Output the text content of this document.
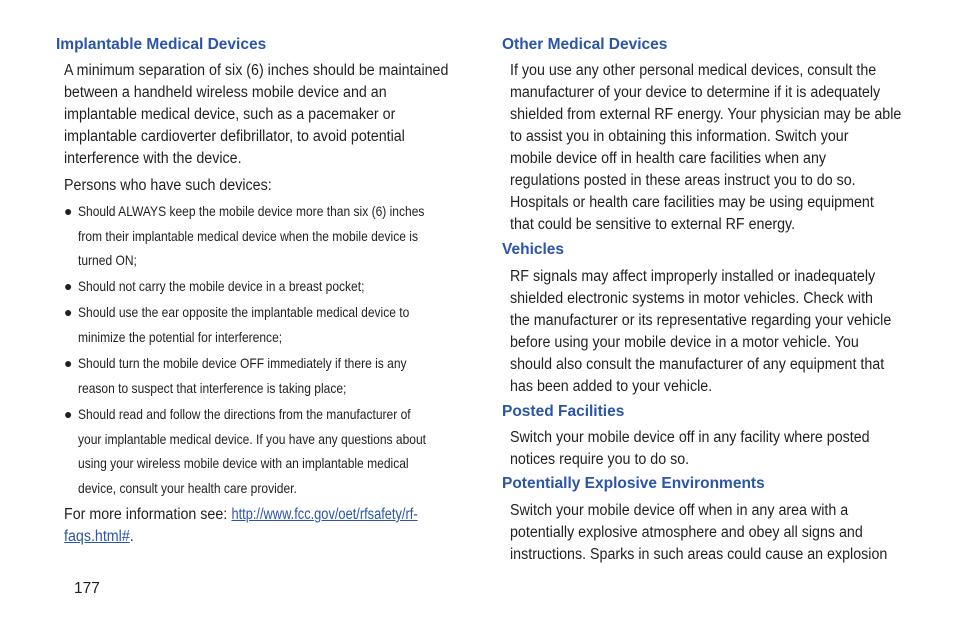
Implantable Medical Devices
A minimum separation of six (6) inches should be maintained
between a handheld wireless mobile device and an
implantable medical device, such as a pacemaker or
implantable cardioverter defibrillator, to avoid potential
interference with the device.
Persons who have such devices:
● Should ALWAYS keep the mobile device more than six (6) inches
from their implantable medical device when the mobile device is
turned ON;
● Should not carry the mobile device in a breast pocket;
● Should use the ear opposite the implantable medical device to
minimize the potential for interference;
● Should turn the mobile device OFF immediately if there is any
reason to suspect that interference is taking place;
● Should read and follow the directions from the manufacturer of
your implantable medical device. If you have any questions about
using your wireless mobile device with an implantable medical
device, consult your health care provider.
For more information see: http://www.fcc.gov/oet/rfsafety/rf-
faqs.html#.
177
Other Medical Devices
If you use any other personal medical devices, consult the
manufacturer of your device to determine if it is adequately
shielded from external RF energy. Your physician may be able
to assist you in obtaining this information. Switch your
mobile device off in health care facilities when any
regulations posted in these areas instruct you to do so.
Hospitals or health care facilities may be using equipment
that could be sensitive to external RF energy.
Vehicles
RF signals may affect improperly installed or inadequately
shielded electronic systems in motor vehicles. Check with
the manufacturer or its representative regarding your vehicle
before using your mobile device in a motor vehicle. You
should also consult the manufacturer of any equipment that
has been added to your vehicle.
Posted Facilities
Switch your mobile device off in any facility where posted
notices require you to do so.
Potentially Explosive Environments
Switch your mobile device off when in any area with a
potentially explosive atmosphere and obey all signs and
instructions. Sparks in such areas could cause an explosion
